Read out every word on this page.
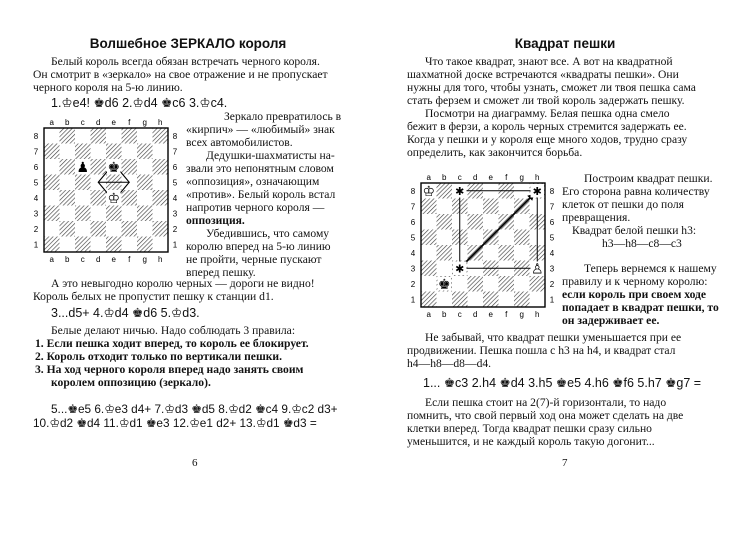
Волшебное ЗЕРКАЛО короля
Белый король всегда обязан встречать черного короля.
Он смотрит в «зеркало» на свое отражение и не пропускает
черного короля на 5-ю линию.
1.♔e4! ♚d6 2.♔d4 ♚c6 3.♔c4.
a
a
b
b
c
c
d
d
e
e
f
f
g
g
h
h
8	8
7	7
6	6
5	5
4	4
3	3
2	2
1	1
♟ ♚
♔
Зеркало превратилось в
«кирпич» — «любимый» знак
всех автомобилистов.
Дедушки-шахматисты на-
звали это непонятным словом
«оппозиция», означающим
«против». Белый король встал
напротив черного короля —
оппозиция.
Убедившись, что самому
королю вперед на 5-ю линию
не пройти, черные пускают
вперед пешку.
А это невыгодно королю черных — дороги не видно!
Король белых не пропустит пешку к станции d1.
3...d5+ 4.♔d4 ♚d6 5.♔d3.
Белые делают ничью. Надо соблюдать 3 правила:
1. Если пешка ходит вперед, то король ее блокирует.
2. Король отходит только по вертикали пешки.
3. На ход черного короля вперед надо занять своим
королем оппозицию (зеркало).
5...♚e5 6.♔e3 d4+ 7.♔d3 ♚d5 8.♔d2 ♚c4 9.♔c2 d3+
10.♔d2 ♚d4 11.♔d1 ♚e3 12.♔e1 d2+ 13.♔d1 ♚d3 =
6
Квадрат пешки
Что такое квадрат, знают все. А вот на квадратной
шахматной доске встречаются «квадраты пешки». Они
нужны для того, чтобы узнать, сможет ли твоя пешка сама
стать ферзем и сможет ли твой король задержать пешку.
Посмотри на диаграмму. Белая пешка одна смело
бежит в ферзи, а король черных стремится задержать ее.
Когда у пешки и у короля еще много ходов, трудно сразу
определить, как закончится борьба.
a
a
b
b
c
c
d
d
e
e
f
f
g
g
h
h
8	8
7	7
6	6
5	5
4	4
3	3
2	2
1	1
♔
♚
♙
✱	✱
✱
Построим квадрат пешки.
Его сторона равна количеству
клеток от пешки до поля
превращения.
Квадрат белой пешки h3:
h3—h8—c8—c3
Теперь вернемся к нашему
правилу и к черному королю:
если король при своем ходе
попадает в квадрат пешки, то
он задерживает ее.
Не забывай, что квадрат пешки уменьшается при ее
продвижении. Пешка пошла с h3 на h4, и квадрат стал
h4—h8—d8—d4.
1... ♚c3 2.h4 ♚d4 3.h5 ♚e5 4.h6 ♚f6 5.h7 ♚g7 =
Если пешка стоит на 2(7)-й горизонтали, то надо
помнить, что свой первый ход она может сделать на две
клетки вперед. Тогда квадрат пешки сразу сильно
уменьшится, и не каждый король такую догонит...
7
